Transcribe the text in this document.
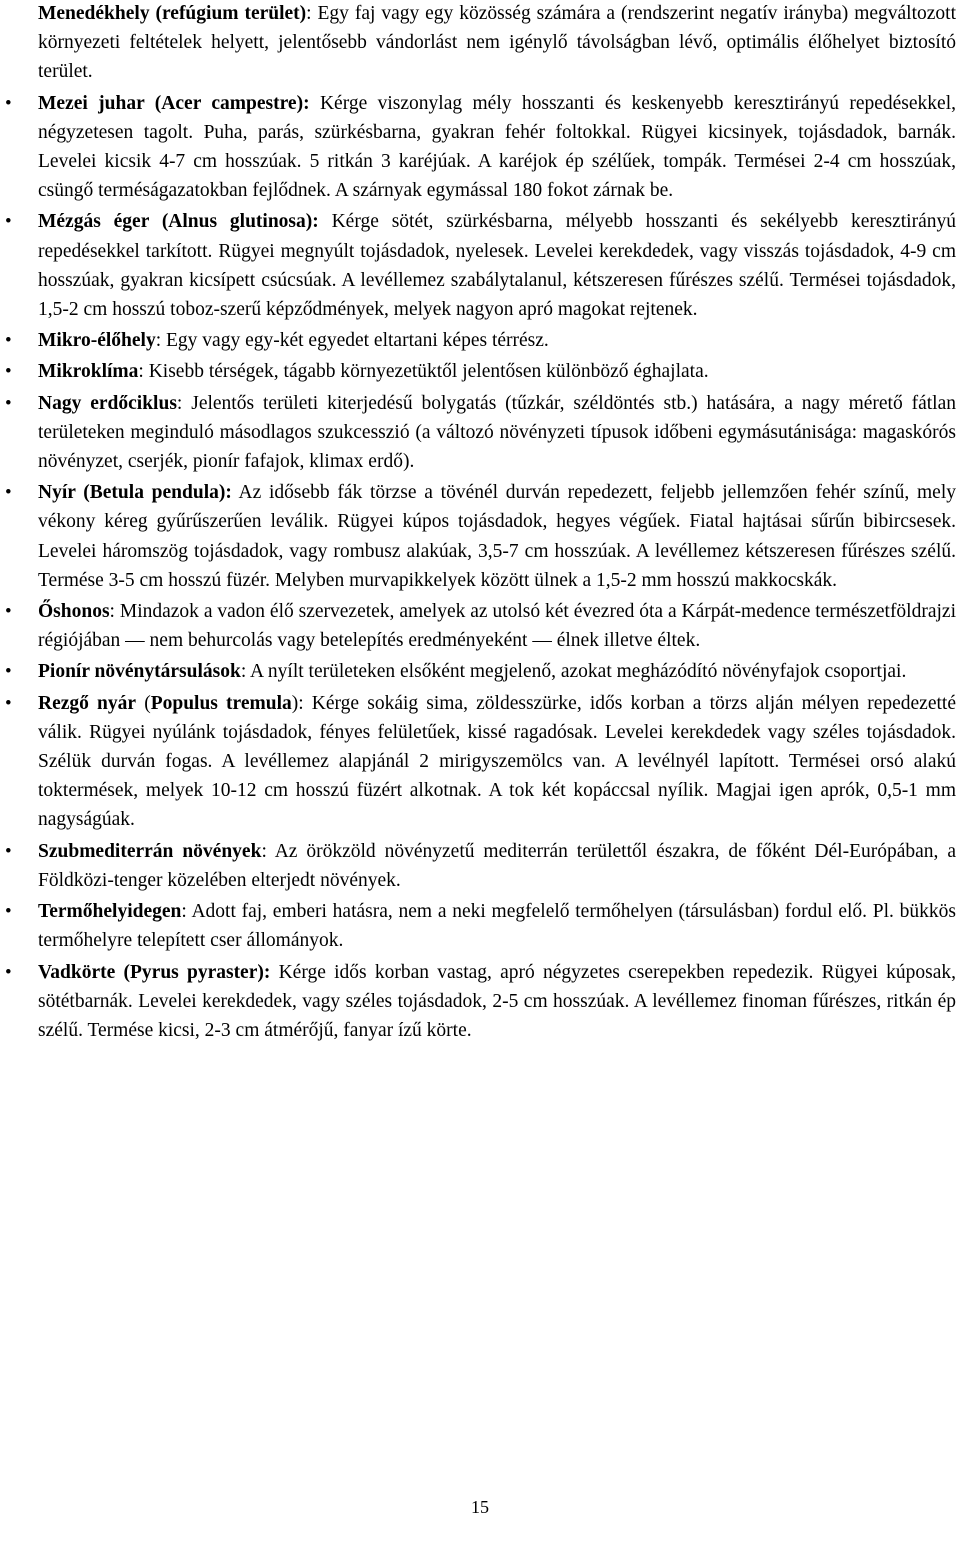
Menedékhely (refúgium terület): Egy faj vagy egy közösség számára a (rendszerint negatív irányba) megváltozott környezeti feltételek helyett, jelentősebb vándorlást nem igénylő távolságban lévő, optimális élőhelyet biztosító terület.
• Mezei juhar (Acer campestre): Kérge viszonylag mély hosszanti és keskenyebb keresztirányú repedésekkel, négyzetesen tagolt. Puha, parás, szürkésbarna, gyakran fehér foltokkal. Rügyei kicsinyek, tojásdadok, barnák. Levelei kicsik 4-7 cm hosszúak. 5 ritkán 3 karéjúak. A karéjok ép szélűek, tompák. Termései 2-4 cm hosszúak, csüngő terméságazatokban fejlődnek. A szárnyak egymással 180 fokot zárnak be.
• Mézgás éger (Alnus glutinosa): Kérge sötét, szürkésbarna, mélyebb hosszanti és sekélyebb keresztirányú repedésekkel tarkított. Rügyei megnyúlt tojásdadok, nyelesek. Levelei kerekdedek, vagy visszás tojásdadok, 4-9 cm hosszúak, gyakran kicsípett csúcsúak. A levéllemez szabálytalanul, kétszeresen fűrészes szélű. Termései tojásdadok, 1,5-2 cm hosszú toboz-szerű képződmények, melyek nagyon apró magokat rejtenek.
• Mikro-élőhely: Egy vagy egy-két egyedet eltartani képes térrész.
• Mikroklíma: Kisebb térségek, tágabb környezetüktől jelentősen különböző éghajlata.
• Nagy erdőciklus: Jelentős területi kiterjedésű bolygatás (tűzkár, széldöntés stb.) hatására, a nagy mérető fátlan területeken meginduló másodlagos szukcesszió (a változó növényzeti típusok időbeni egymásutánisága: magaskórós növényzet, cserjék, pionír fafajok, klimax erdő).
• Nyír (Betula pendula): Az idősebb fák törzse a tövénél durván repedezett, feljebb jellemzően fehér színű, mely vékony kéreg gyűrűszerűen leválik. Rügyei kúpos tojásdadok, hegyes végűek. Fiatal hajtásai sűrűn bibircsesek. Levelei háromszög tojásdadok, vagy rombusz alakúak, 3,5-7 cm hosszúak. A levéllemez kétszeresen fűrészes szélű. Termése 3-5 cm hosszú füzér. Melyben murvapikkelyek között ülnek a 1,5-2 mm hosszú makkocskák.
• Őshonos: Mindazok a vadon élő szervezetek, amelyek az utolsó két évezred óta a Kárpát-medence természetföldrajzi régiójában — nem behurcolás vagy betelepítés eredményeként — élnek illetve éltek.
• Pionír növénytársulások: A nyílt területeken elsőként megjelenő, azokat megházódító növényfajok csoportjai.
• Rezgő nyár (Populus tremula): Kérge sokáig sima, zöldesszürke, idős korban a törzs alján mélyen repedezetté válik. Rügyei nyúlánk tojásdadok, fényes felületűek, kissé ragadósak. Levelei kerekdedek vagy széles tojásdadok. Szélük durván fogas. A levéllemez alapjánál 2 mirigyszemölcs van. A levélnyél lapított. Termései orsó alakú toktermések, melyek 10-12 cm hosszú füzért alkotnak. A tok két kopáccsal nyílik. Magjai igen aprók, 0,5-1 mm nagyságúak.
• Szubmediterrán növények: Az örökzöld növényzetű mediterrán területtől északra, de főként Dél-Európában, a Földközi-tenger közelében elterjedt növények.
• Termőhelyidegen: Adott faj, emberi hatásra, nem a neki megfelelő termőhelyen (társulásban) fordul elő. Pl. bükkös termőhelyre telepített cser állományok.
• Vadkörte (Pyrus pyraster): Kérge idős korban vastag, apró négyzetes cserepekben repedezik. Rügyei kúposak, sötétbarnák. Levelei kerekdedek, vagy széles tojásdadok, 2-5 cm hosszúak. A levéllemez finoman fűrészes, ritkán ép szélű. Termése kicsi, 2-3 cm átmérőjű, fanyar ízű körte.
15
